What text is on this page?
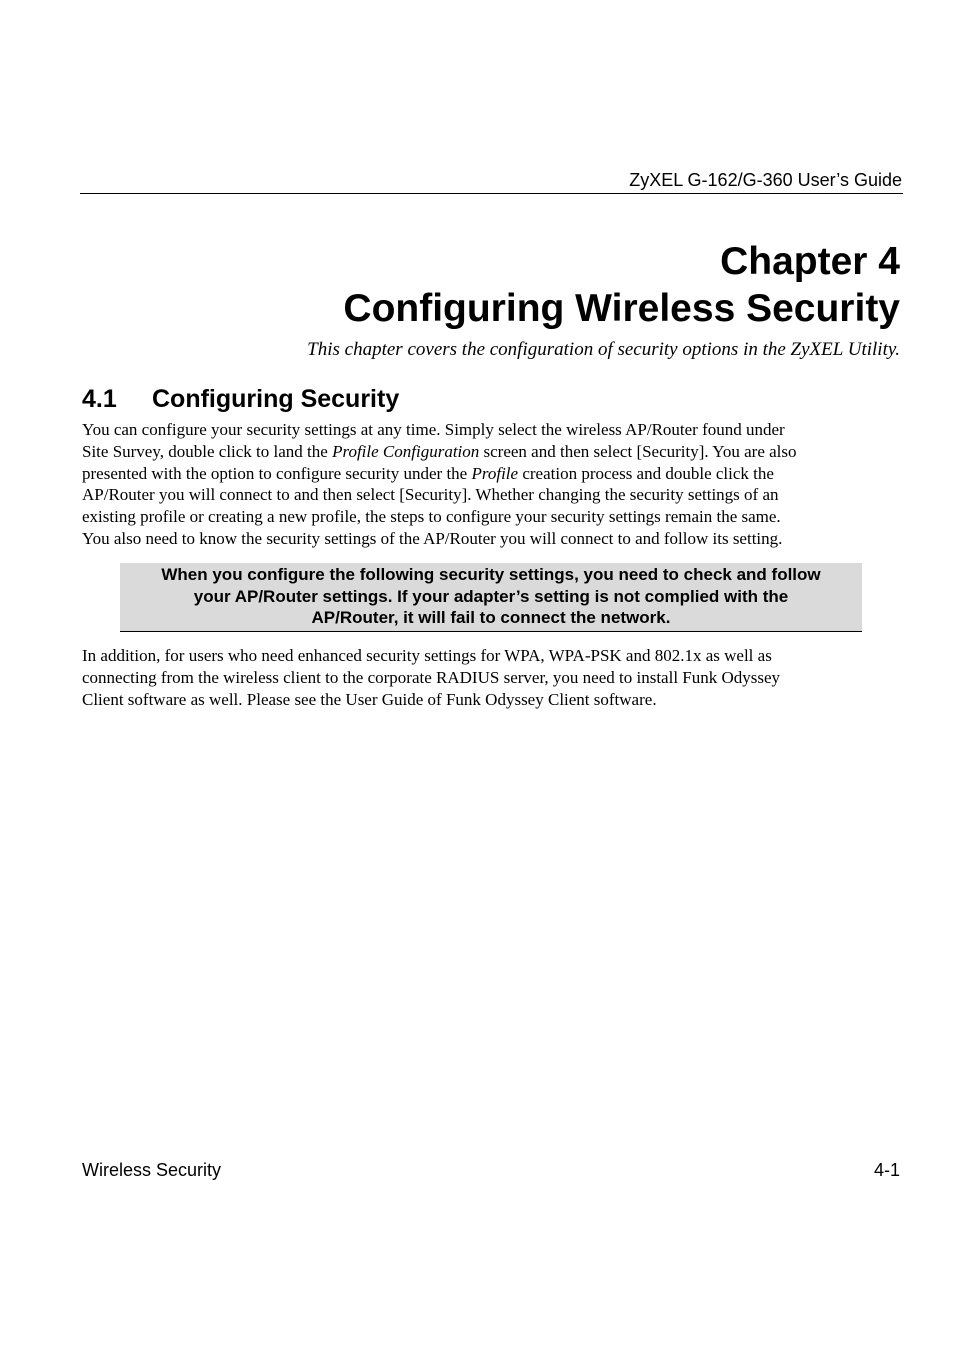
ZyXEL G-162/G-360 User’s Guide
Chapter 4
Configuring Wireless Security
This chapter covers the configuration of security options in the ZyXEL Utility.
4.1 Configuring Security

You can configure your security settings at any time. Simply select the wireless AP/Router found under

Site Survey, double click to land the Profile Configuration screen and then select [Security]. You are also

presented with the option to configure security under the Profile creation process and double click the

AP/Router you will connect to and then select [Security]. Whether changing the security settings of an

existing profile or creating a new profile, the steps to configure your security settings remain the same.

You also need to know the security settings of the AP/Router you will connect to and follow its setting.

When you configure the following security settings, you need to check and follow
your AP/Router settings. If your adapter’s setting is not complied with the
AP/Router, it will fail to connect the network.

In addition, for users who need enhanced security settings for WPA, WPA-PSK and 802.1x as well as

connecting from the wireless client to the corporate RADIUS server, you need to install Funk Odyssey

Client software as well. Please see the User Guide of Funk Odyssey Client software.

Wireless Security	4-1
